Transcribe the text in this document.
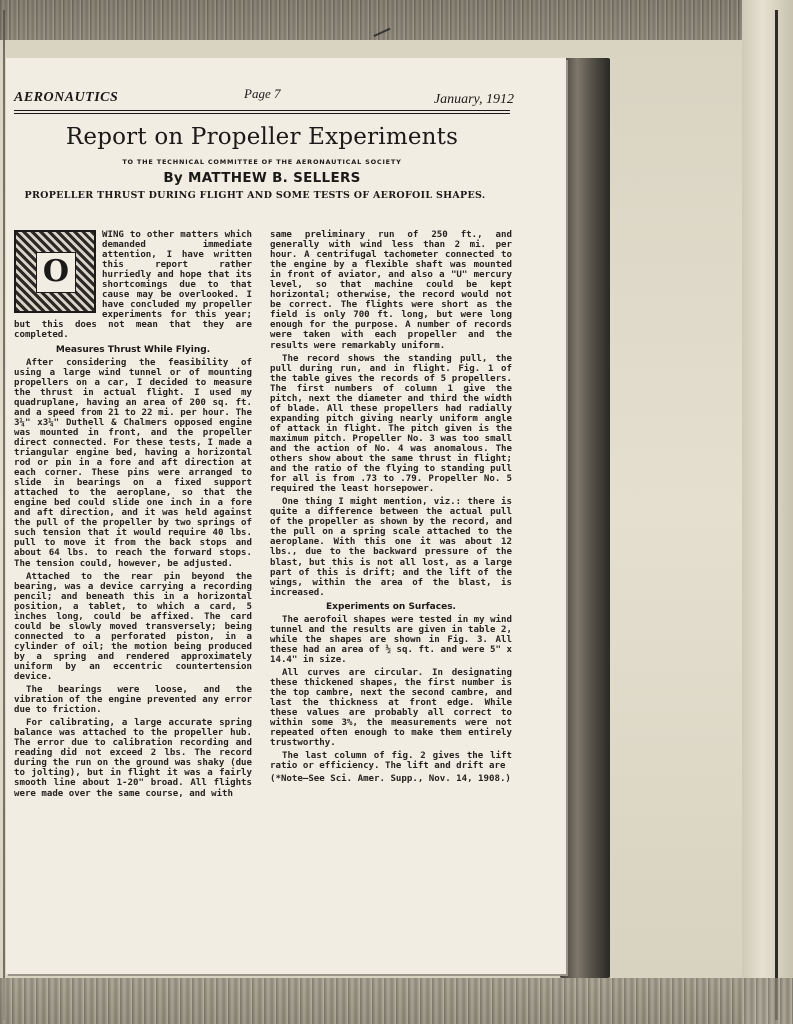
AERONAUTICS	Page 7	January, 1912
Report on Propeller Experiments
TO THE TECHNICAL COMMITTEE OF THE AERONAUTICAL SOCIETY
By MATTHEW B. SELLERS
PROPELLER THRUST DURING FLIGHT AND SOME TESTS OF AEROFOIL SHAPES.
O

WING to other matters which demanded immediate attention, I have written this report rather hurriedly and hope that its shortcomings due to that cause may be overlooked. I have concluded my propeller experiments for this year; but this does not mean that they are completed.

Measures Thrust While Flying.

After considering the feasibility of using a large wind tunnel or of mounting propellers on a car, I decided to measure the thrust in actual flight. I used my quadruplane, having an area of 200 sq. ft. and a speed from 21 to 22 mi. per hour. The 3¼" x3¼" Duthell & Chalmers opposed engine was mounted in front, and the propeller direct connected. For these tests, I made a triangular engine bed, having a horizontal rod or pin in a fore and aft direction at each corner. These pins were arranged to slide in bearings on a fixed support attached to the aeroplane, so that the engine bed could slide one inch in a fore and aft direction, and it was held against the pull of the propeller by two springs of such tension that it would require 40 lbs. pull to move it from the back stops and about 64 lbs. to reach the forward stops. The tension could, however, be adjusted.

Attached to the rear pin beyond the bearing, was a device carrying a recording pencil; and beneath this in a horizontal position, a tablet, to which a card, 5 inches long, could be affixed. The card could be slowly moved transversely; being connected to a perforated piston, in a cylinder of oil; the motion being produced by a spring and rendered approximately uniform by an eccentric countertension device.

The bearings were loose, and the vibration of the engine prevented any error due to friction.

For calibrating, a large accurate spring balance was attached to the propeller hub. The error due to calibration recording and reading did not exceed 2 lbs. The record during the run on the ground was shaky (due to jolting), but in flight it was a fairly smooth line about 1-20" broad. All flights were made over the same course, and with

same preliminary run of 250 ft., and generally with wind less than 2 mi. per hour. A centrifugal tachometer connected to the engine by a flexible shaft was mounted in front of aviator, and also a "U" mercury level, so that machine could be kept horizontal; otherwise, the record would not be correct. The flights were short as the field is only 700 ft. long, but were long enough for the purpose. A number of records were taken with each propeller and the results were remarkably uniform.

The record shows the standing pull, the pull during run, and in flight. Fig. 1 of the table gives the records of 5 propellers. The first numbers of column 1 give the pitch, next the diameter and third the width of blade. All these propellers had radially expanding pitch giving nearly uniform angle of attack in flight. The pitch given is the maximum pitch. Propeller No. 3 was too small and the action of No. 4 was anomalous. The others show about the same thrust in flight; and the ratio of the flying to standing pull for all is from .73 to .79. Propeller No. 5 required the least horsepower.

One thing I might mention, viz.: there is quite a difference between the actual pull of the propeller as shown by the record, and the pull on a spring scale attached to the aeroplane. With this one it was about 12 lbs., due to the backward pressure of the blast, but this is not all lost, as a large part of this is drift; and the lift of the wings, within the area of the blast, is increased.

Experiments on Surfaces.

The aerofoil shapes were tested in my wind tunnel and the results are given in table 2, while the shapes are shown in Fig. 3. All these had an area of ½ sq. ft. and were 5" x 14.4" in size.

All curves are circular. In designating these thickened shapes, the first number is the top cambre, next the second cambre, and last the thickness at front edge. While these values are probably all correct to within some 3%, the measurements were not repeated often enough to make them entirely trustworthy.

The last column of fig. 2 gives the lift ratio or efficiency. The lift and drift are

(*Note—See Sci. Amer. Supp., Nov. 14, 1908.)
